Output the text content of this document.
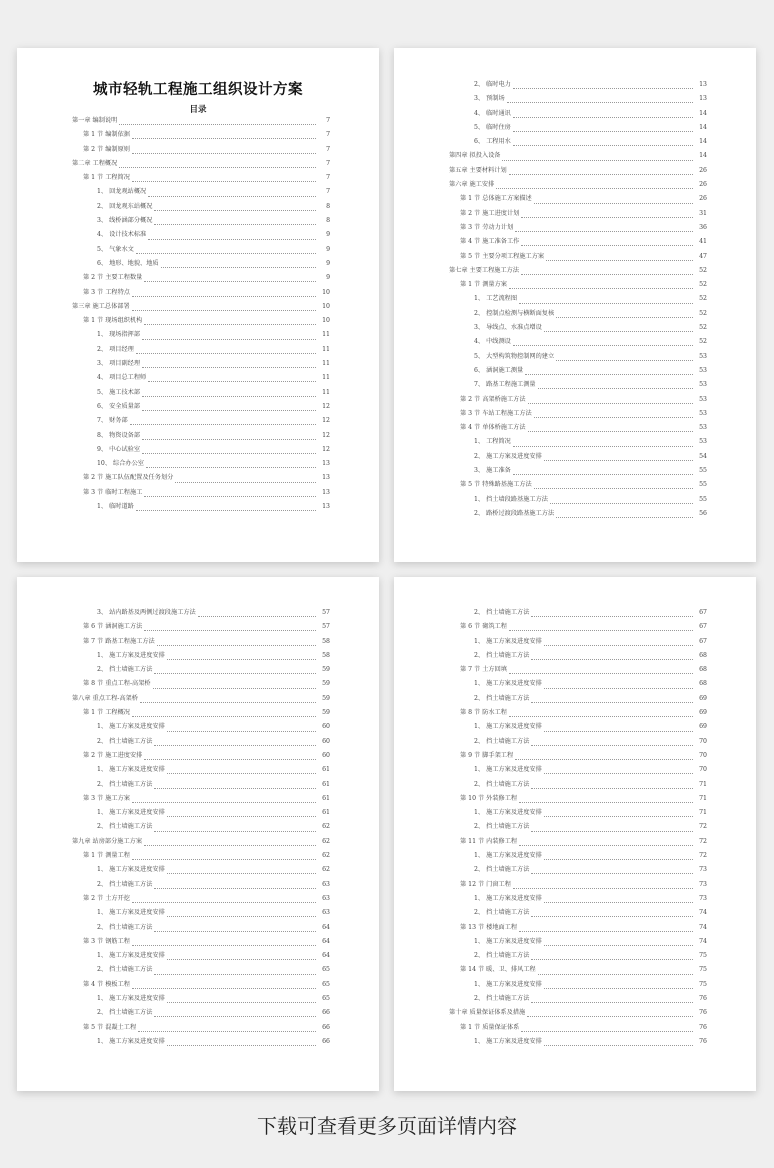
城市轻轨工程施工组织设计方案
目录
第一章 编制说明	7
第 1 节 编制依据	7
第 2 节 编制原则	7
第二章 工程概况	7
第 1 节 工程简况	7
1、 回龙观站概况	7
2、 回龙观东站概况	8
3、 线桥涵部分概况	8
4、 设计技术标准	9
5、 气象水文	9
6、 地形、地貌、地质	9
第 2 节 主要工程数量	9
第 3 节 工程特点	10
第三章 施工总体部署	10
第 1 节 现场组织机构	10
1、 现场指挥部	11
2、 项目经理	11
3、 项目副经理	11
4、 项目总工程师	11
5、 施工技术部	11
6、 安全质量部	12
7、 财务部	12
8、 物资设备部	12
9、 中心试验室	12
10、 综合办公室	13
第 2 节 施工队伍配置及任务划分	13
第 3 节 临时工程施工	13
1、 临时道路	13
2、 临时电力	13
3、 预制场	13
4、 临时通讯	14
5、 临时住房	14
6、 工程用水	14
第四章 拟投入设备	14
第五章 主要材料计划	26
第六章 施工安排	26
第 1 节 总体施工方案描述	26
第 2 节 施工进度计划	31
第 3 节 劳动力计划	36
第 4 节 施工准备工作	41
第 5 节 主要分项工程施工方案	47
第七章 主要工程施工方法	52
第 1 节 测量方案	52
1、 工艺流程图	52
2、 控制点检测与横断面复核	52
3、 导线点、水准点增设	52
4、 中线测设	52
5、 大型构筑物控制网的建立	53
6、 涵洞施工测量	53
7、 路基工程施工测量	53
第 2 节 高架桥施工方法	53
第 3 节 车站工程施工方法	53
第 4 节 单体桥施工方法	53
1、 工程简况	53
2、 施工方案及进度安排	54
3、 施工准备	55
第 5 节 特殊路基施工方法	55
1、 挡土墙段路基施工方法	55
2、 路桥过渡段路基施工方法	56
3、 站内路基及两侧过渡段施工方法	57
第 6 节 涵洞施工方法	57
第 7 节 路基工程施工方法	58
1、 施工方案及进度安排	58
2、 挡土墙施工方法	59
第 8 节 重点工程-高架桥	59
第八章 重点工程-高架桥	59
第 1 节 工程概况	59
1、 施工方案及进度安排	60
2、 挡土墙施工方法	60
第 2 节 施工进度安排	60
1、 施工方案及进度安排	61
2、 挡土墙施工方法	61
第 3 节 施工方案	61
1、 施工方案及进度安排	61
2、 挡土墙施工方法	62
第九章 站房部分施工方案	62
第 1 节 测量工程	62
1、 施工方案及进度安排	62
2、 挡土墙施工方法	63
第 2 节 土方开挖	63
1、 施工方案及进度安排	63
2、 挡土墙施工方法	64
第 3 节 钢筋工程	64
1、 施工方案及进度安排	64
2、 挡土墙施工方法	65
第 4 节 模板工程	65
1、 施工方案及进度安排	65
2、 挡土墙施工方法	66
第 5 节 混凝土工程	66
1、 施工方案及进度安排	66
2、 挡土墙施工方法	67
第 6 节 砌筑工程	67
1、 施工方案及进度安排	67
2、 挡土墙施工方法	68
第 7 节 土方回填	68
1、 施工方案及进度安排	68
2、 挡土墙施工方法	69
第 8 节 防水工程	69
1、 施工方案及进度安排	69
2、 挡土墙施工方法	70
第 9 节 脚手架工程	70
1、 施工方案及进度安排	70
2、 挡土墙施工方法	71
第 10 节 外装修工程	71
1、 施工方案及进度安排	71
2、 挡土墙施工方法	72
第 11 节 内装修工程	72
1、 施工方案及进度安排	72
2、 挡土墙施工方法	73
第 12 节 门窗工程	73
1、 施工方案及进度安排	73
2、 挡土墙施工方法	74
第 13 节 楼地面工程	74
1、 施工方案及进度安排	74
2、 挡土墙施工方法	75
第 14 节 暖、卫、排风工程	75
1、 施工方案及进度安排	75
2、 挡土墙施工方法	76
第十章 质量保证体系及措施	76
第 1 节 质量保证体系	76
1、 施工方案及进度安排	76
下载可查看更多页面详情内容
